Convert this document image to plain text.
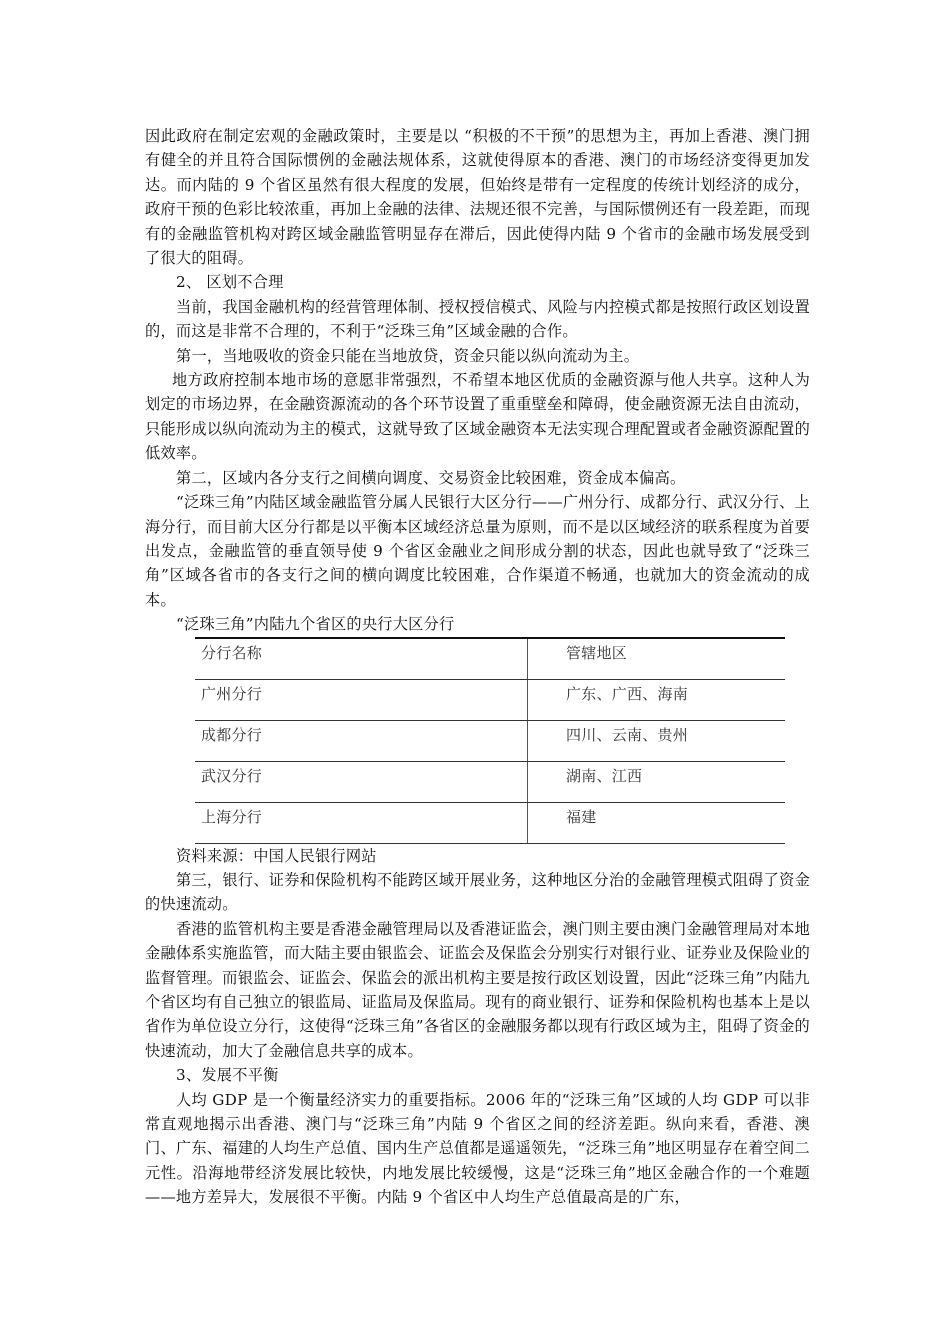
因此政府在制定宏观的金融政策时，主要是以 “积极的不干预”的思想为主，再加上香港、澳门拥有健全的并且符合国际惯例的金融法规体系，这就使得原本的香港、澳门的市场经济变得更加发达。而内陆的 9 个省区虽然有很大程度的发展，但始终是带有一定程度的传统计划经济的成分，政府干预的色彩比较浓重，再加上金融的法律、法规还很不完善，与国际惯例还有一段差距，而现有的金融监管机构对跨区域金融监管明显存在滞后，因此使得内陆 9 个省市的金融市场发展受到了很大的阻碍。

2、 区划不合理

当前，我国金融机构的经营管理体制、授权授信模式、风险与内控模式都是按照行政区划设置的，而这是非常不合理的，不利于“泛珠三角”区域金融的合作。

第一，当地吸收的资金只能在当地放贷，资金只能以纵向流动为主。

地方政府控制本地市场的意愿非常强烈，不希望本地区优质的金融资源与他人共享。这种人为划定的市场边界，在金融资源流动的各个环节设置了重重壁垒和障碍，使金融资源无法自由流动，只能形成以纵向流动为主的模式，这就导致了区域金融资本无法实现合理配置或者金融资源配置的低效率。

第二，区域内各分支行之间横向调度、交易资金比较困难，资金成本偏高。

“泛珠三角”内陆区域金融监管分属人民银行大区分行——广州分行、成都分行、武汉分行、上海分行，而目前大区分行都是以平衡本区域经济总量为原则，而不是以区域经济的联系程度为首要出发点，金融监管的垂直领导使 9 个省区金融业之间形成分割的状态，因此也就导致了“泛珠三角”区域各省市的各支行之间的横向调度比较困难，合作渠道不畅通，也就加大的资金流动的成本。

“泛珠三角”内陆九个省区的央行大区分行

分行名称	管辖地区
广州分行	广东、广西、海南
成都分行	四川、云南、贵州
武汉分行	湖南、江西
上海分行	福建

资料来源：中国人民银行网站

第三，银行、证券和保险机构不能跨区域开展业务，这种地区分治的金融管理模式阻碍了资金的快速流动。

香港的监管机构主要是香港金融管理局以及香港证监会，澳门则主要由澳门金融管理局对本地金融体系实施监管，而大陆主要由银监会、证监会及保监会分别实行对银行业、证券业及保险业的监督管理。而银监会、证监会、保监会的派出机构主要是按行政区划设置，因此“泛珠三角”内陆九个省区均有自己独立的银监局、证监局及保监局。现有的商业银行、证券和保险机构也基本上是以省作为单位设立分行，这使得“泛珠三角”各省区的金融服务都以现有行政区域为主，阻碍了资金的快速流动，加大了金融信息共享的成本。

3、发展不平衡

人均 GDP 是一个衡量经济实力的重要指标。2006 年的“泛珠三角”区域的人均 GDP 可以非常直观地揭示出香港、澳门与“泛珠三角”内陆 9 个省区之间的经济差距。纵向来看，香港、澳门、广东、福建的人均生产总值、国内生产总值都是遥遥领先，“泛珠三角”地区明显存在着空间二元性。沿海地带经济发展比较快，内地发展比较缓慢，这是“泛珠三角”地区金融合作的一个难题——地方差异大，发展很不平衡。内陆 9 个省区中人均生产总值最高是的广东，
